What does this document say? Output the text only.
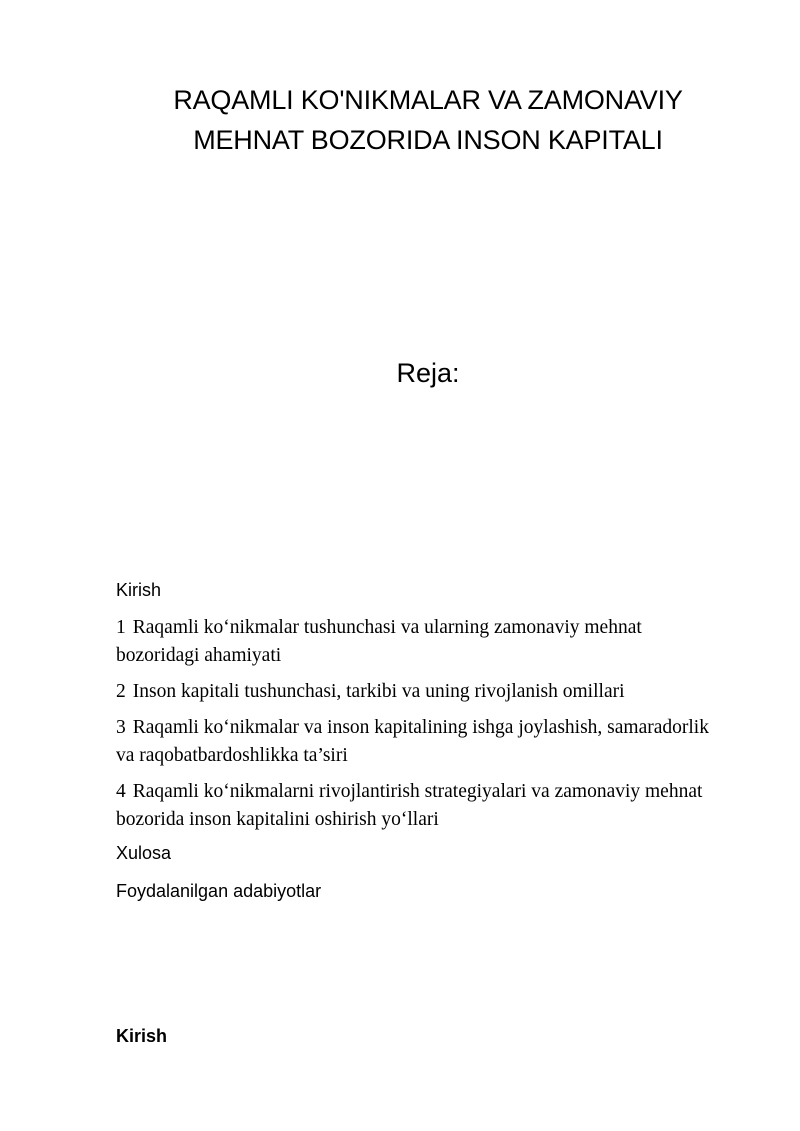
RAQAMLI KO'NIKMALAR VA ZAMONAVIY
MEHNAT BOZORIDA INSON KAPITALI
Reja:
Kirish
1 Raqamli ko‘nikmalar tushunchasi va ularning zamonaviy mehnat bozoridagi ahamiyati
2 Inson kapitali tushunchasi, tarkibi va uning rivojlanish omillari
3 Raqamli ko‘nikmalar va inson kapitalining ishga joylashish, samaradorlik va raqobatbardoshlikka ta’siri
4 Raqamli ko‘nikmalarni rivojlantirish strategiyalari va zamonaviy mehnat bozorida inson kapitalini oshirish yo‘llari
Xulosa
Foydalanilgan adabiyotlar
Kirish
